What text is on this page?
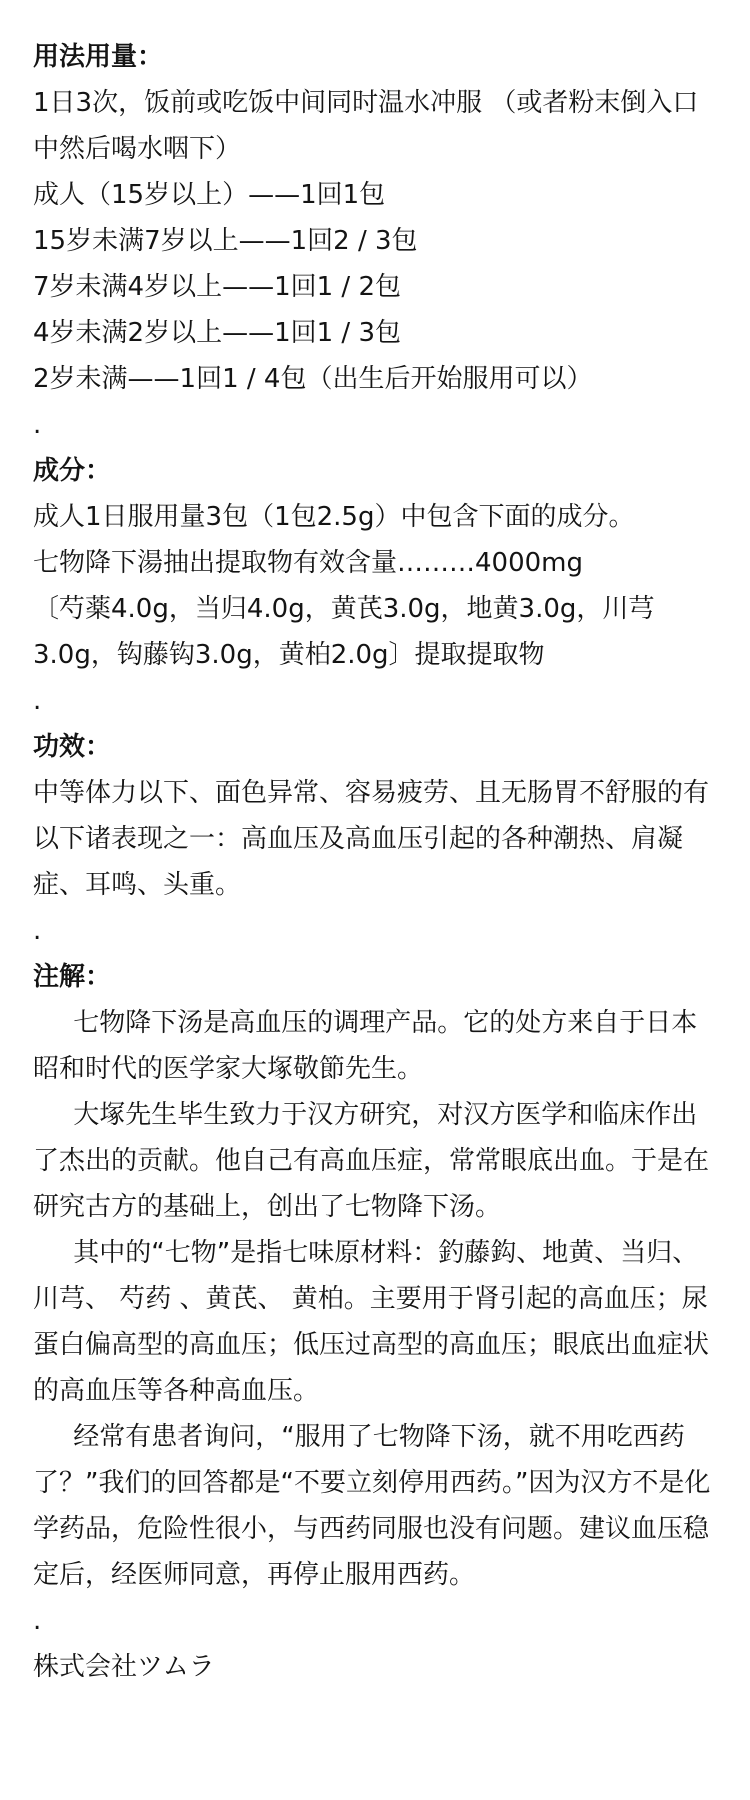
用法用量：
1日3次，饭前或吃饭中间同时温水冲服 （或者粉末倒入口中然后喝水咽下）
成人（15岁以上）——1回1包
15岁未满7岁以上——1回2 / 3包
7岁未满4岁以上——1回1 / 2包
4岁未满2岁以上——1回1 / 3包
2岁未满——1回1 / 4包（出生后开始服用可以）
.
成分：
成人1日服用量3包（1包2.5g）中包含下面的成分。
七物降下湯抽出提取物有效含量………4000mg
〔芍薬4.0g，当归4.0g，黄芪3.0g，地黄3.0g，川芎3.0g，钩藤钩3.0g，黄柏2.0g〕提取提取物
.
功效：
中等体力以下、面色异常、容易疲劳、且无肠胃不舒服的有以下诸表现之一：高血压及高血压引起的各种潮热、肩凝症、耳鸣、头重。
.
注解：
七物降下汤是高血压的调理产品。它的处方来自于日本昭和时代的医学家大塚敬節先生。
大塚先生毕生致力于汉方研究，对汉方医学和临床作出了杰出的贡献。他自己有高血压症，常常眼底出血。于是在研究古方的基础上，创出了七物降下汤。
其中的“七物”是指七味原材料：釣藤鈎、地黄、当归、 川芎、 芍药 、黄芪、 黄柏。主要用于肾引起的高血压；尿蛋白偏高型的高血压；低压过高型的高血压；眼底出血症状的高血压等各种高血压。
经常有患者询问，“服用了七物降下汤，就不用吃西药了？”我们的回答都是“不要立刻停用西药。”因为汉方不是化学药品，危险性很小，与西药同服也没有问题。建议血压稳定后，经医师同意，再停止服用西药。
.
株式会社ツムラ
